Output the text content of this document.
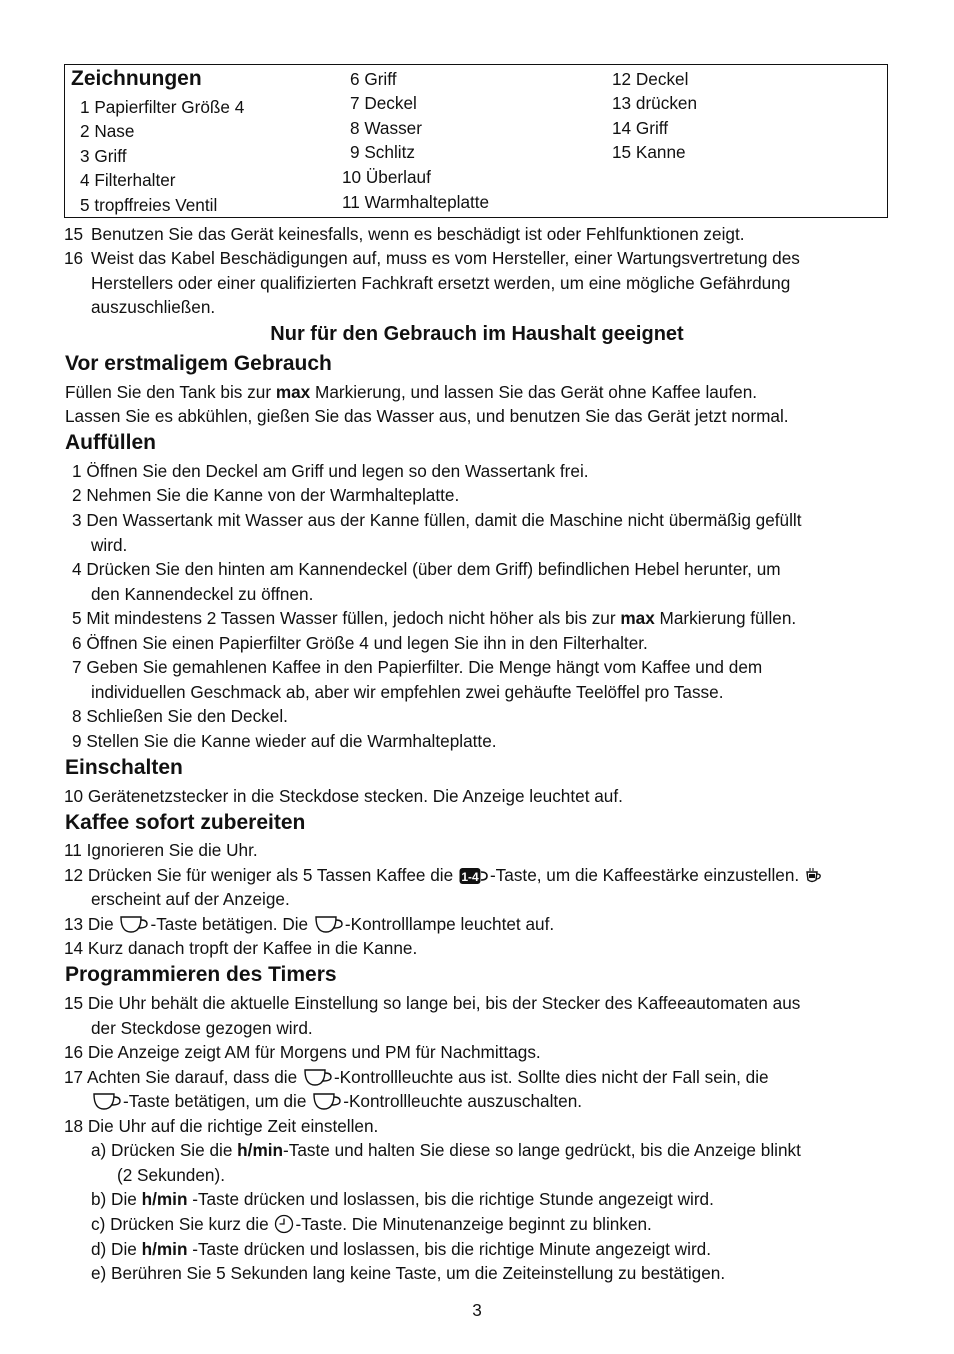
Zeichnungen
1 Papierfilter Größe 4
2 Nase
3 Griff
4 Filterhalter
5 tropffreies Ventil
6 Griff
7 Deckel
8 Wasser
9 Schlitz
10 Überlauf
11 Warmhalteplatte
12 Deckel
13 drücken
14 Griff
15 Kanne
15 Benutzen Sie das Gerät keinesfalls, wenn es beschädigt ist oder Fehlfunktionen zeigt.
16 Weist das Kabel Beschädigungen auf, muss es vom Hersteller, einer Wartungsvertretung des
Herstellers oder einer qualifizierten Fachkraft ersetzt werden, um eine mögliche Gefährdung
auszuschließen.
Nur für den Gebrauch im Haushalt geeignet
Vor erstmaligem Gebrauch
Füllen Sie den Tank bis zur max Markierung, und lassen Sie das Gerät ohne Kaffee laufen.
Lassen Sie es abkühlen, gießen Sie das Wasser aus, und benutzen Sie das Gerät jetzt normal.
Auffüllen
1 Öffnen Sie den Deckel am Griff und legen so den Wassertank frei.
2 Nehmen Sie die Kanne von der Warmhalteplatte.
3 Den Wassertank mit Wasser aus der Kanne füllen, damit die Maschine nicht übermäßig gefüllt
wird.
4 Drücken Sie den hinten am Kannendeckel (über dem Griff) befindlichen Hebel herunter, um
den Kannendeckel zu öffnen.
5 Mit mindestens 2 Tassen Wasser füllen, jedoch nicht höher als bis zur max Markierung füllen.
6 Öffnen Sie einen Papierfilter Größe 4 und legen Sie ihn in den Filterhalter.
7 Geben Sie gemahlenen Kaffee in den Papierfilter. Die Menge hängt vom Kaffee und dem
individuellen Geschmack ab, aber wir empfehlen zwei gehäufte Teelöffel pro Tasse.
8 Schließen Sie den Deckel.
9 Stellen Sie die Kanne wieder auf die Warmhalteplatte.
Einschalten
10 Gerätenetzstecker in die Steckdose stecken. Die Anzeige leuchtet auf.
Kaffee sofort zubereiten
11 Ignorieren Sie die Uhr.
12 Drücken Sie für weniger als 5 Tassen Kaffee die 1-4 -Taste, um die Kaffeestärke einzustellen.
erscheint auf der Anzeige.
13 Die -Taste betätigen. Die -Kontrolllampe leuchtet auf.
14 Kurz danach tropft der Kaffee in die Kanne.
Programmieren des Timers
15 Die Uhr behält die aktuelle Einstellung so lange bei, bis der Stecker des Kaffeeautomaten aus
der Steckdose gezogen wird.
16 Die Anzeige zeigt AM für Morgens und PM für Nachmittags.
17 Achten Sie darauf, dass die -Kontrollleuchte aus ist. Sollte dies nicht der Fall sein, die
-Taste betätigen, um die -Kontrollleuchte auszuschalten.
18 Die Uhr auf die richtige Zeit einstellen.
a) Drücken Sie die h/min-Taste und halten Sie diese so lange gedrückt, bis die Anzeige blinkt
(2 Sekunden).
b) Die h/min -Taste drücken und loslassen, bis die richtige Stunde angezeigt wird.
c) Drücken Sie kurz die -Taste. Die Minutenanzeige beginnt zu blinken.
d) Die h/min -Taste drücken und loslassen, bis die richtige Minute angezeigt wird.
e) Berühren Sie 5 Sekunden lang keine Taste, um die Zeiteinstellung zu bestätigen.
3
